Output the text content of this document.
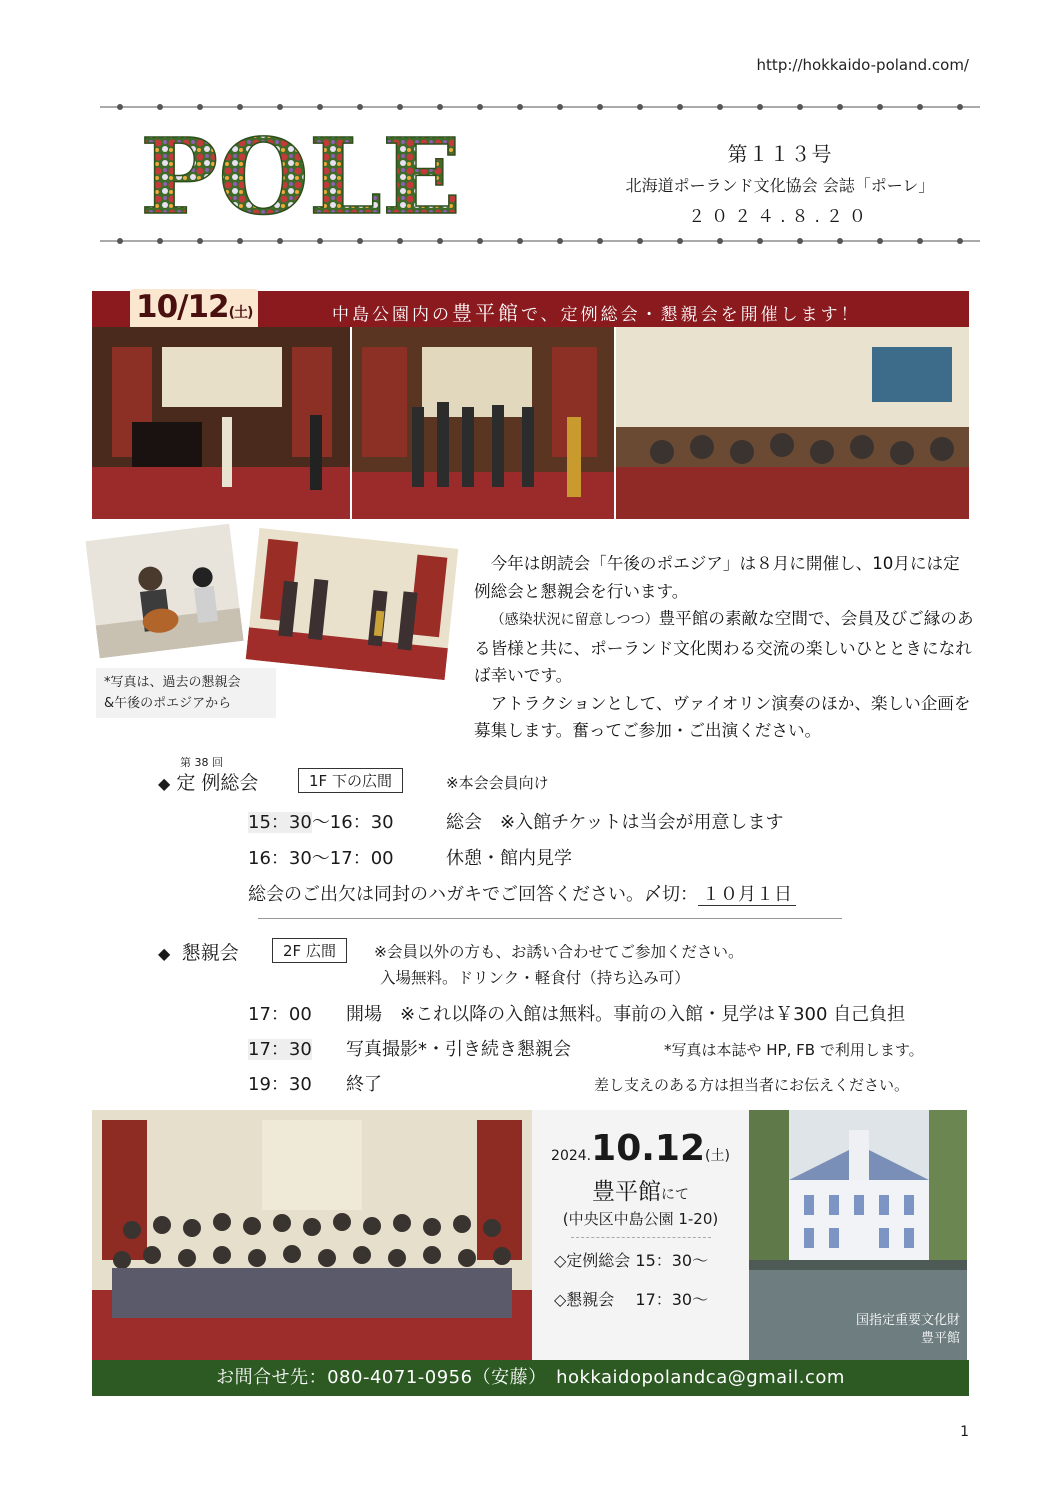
http://hokkaido-poland.com/
POLE	第１１３号
北海道ポーランド文化協会 会誌「ポーレ」
２０２４.８.２０
10/12(土)	中島公園内の豊平館で、定例総会・懇親会を開催します！
*写真は、過去の懇親会
&午後のポエジアから

今年は朗読会「午後のポエジア」は８月に開催し、10月には定例総会と懇親会を行います。

（感染状況に留意しつつ）豊平館の素敵な空間で、会員及びご縁のある皆様と共に、ポーランド文化関わる交流の楽しいひとときになれば幸いです。

アトラクションとして、ヴァイオリン演奏のほか、楽しい企画を募集します。奮ってご参加・ご出演ください。

第 38 回
◆ 定 例総会	1F 下の広間	※本会会員向け
15：30～16：30	総会　※入館チケットは当会が用意します
16：30～17：00	休憩・館内見学
総会のご出欠は同封のハガキでご回答ください。〆切： １０月１日
◆ 懇親会	2F 広間	※会員以外の方も、お誘い合わせてご参加ください。
入場無料。ドリンク・軽食付（持ち込み可）
17：00 開場　※これ以降の入館は無料。事前の入館・見学は￥300 自己負担
17：30 写真撮影*・引き続き懇親会	*写真は本誌や HP, FB で利用します。
19：30 終了	差し支えのある方は担当者にお伝えください。
2024.10.12(土)
豊平館にて
(中央区中島公園 1-20)
◇定例総会 15：30～
◇懇親会　 17：30～
国指定重要文化財
豊平館
お問合せ先：080-4071-0956（安藤）　hokkaidopolandca@gmail.com
1
